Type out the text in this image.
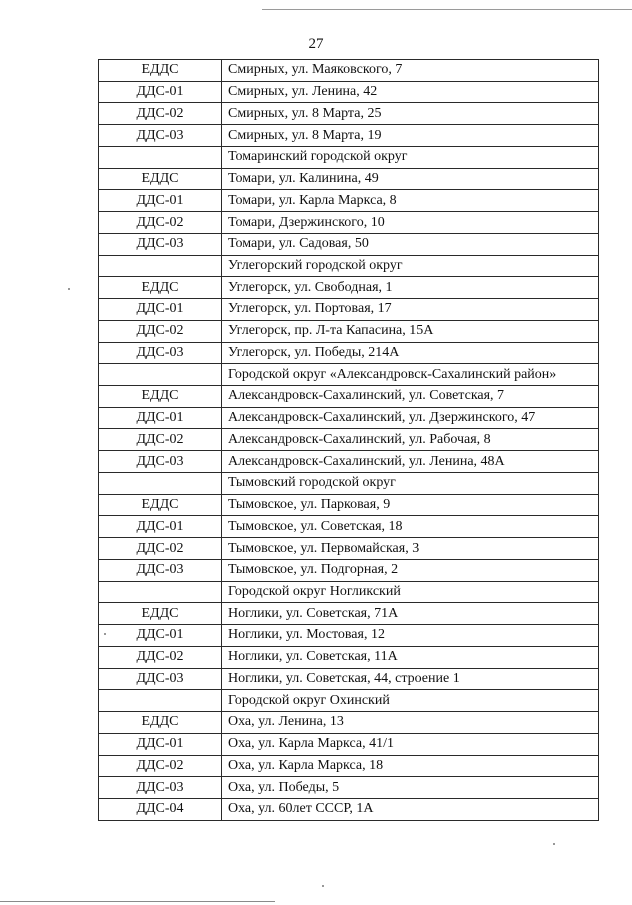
27
ЕДДС	Смирных, ул. Маяковского, 7
ДДС-01	Смирных, ул. Ленина, 42
ДДС-02	Смирных, ул. 8 Марта, 25
ДДС-03	Смирных, ул. 8 Марта, 19
	Томаринский городской округ
ЕДДС	Томари, ул. Калинина, 49
ДДС-01	Томари, ул. Карла Маркса, 8
ДДС-02	Томари, Дзержинского, 10
ДДС-03	Томари, ул. Садовая, 50
	Углегорский городской округ
ЕДДС	Углегорск, ул. Свободная, 1
ДДС-01	Углегорск, ул. Портовая, 17
ДДС-02	Углегорск, пр. Л-та Капасина, 15А
ДДС-03	Углегорск, ул. Победы, 214А
	Городской округ «Александровск-Сахалинский район»
ЕДДС	Александровск-Сахалинский, ул. Советская, 7
ДДС-01	Александровск-Сахалинский, ул. Дзержинского, 47
ДДС-02	Александровск-Сахалинский, ул. Рабочая, 8
ДДС-03	Александровск-Сахалинский, ул. Ленина, 48А
	Тымовский городской округ
ЕДДС	Тымовское, ул. Парковая, 9
ДДС-01	Тымовское, ул. Советская, 18
ДДС-02	Тымовское, ул. Первомайская, 3
ДДС-03	Тымовское, ул. Подгорная, 2
	Городской округ Ногликский
ЕДДС	Ноглики, ул. Советская, 71А
ДДС-01	Ноглики, ул. Мостовая, 12
ДДС-02	Ноглики, ул. Советская, 11А
ДДС-03	Ноглики, ул. Советская, 44, строение 1
	Городской округ Охинский
ЕДДС	Оха, ул. Ленина, 13
ДДС-01	Оха, ул. Карла Маркса, 41/1
ДДС-02	Оха, ул. Карла Маркса, 18
ДДС-03	Оха, ул. Победы, 5
ДДС-04	Оха, ул. 60лет СССР, 1А
